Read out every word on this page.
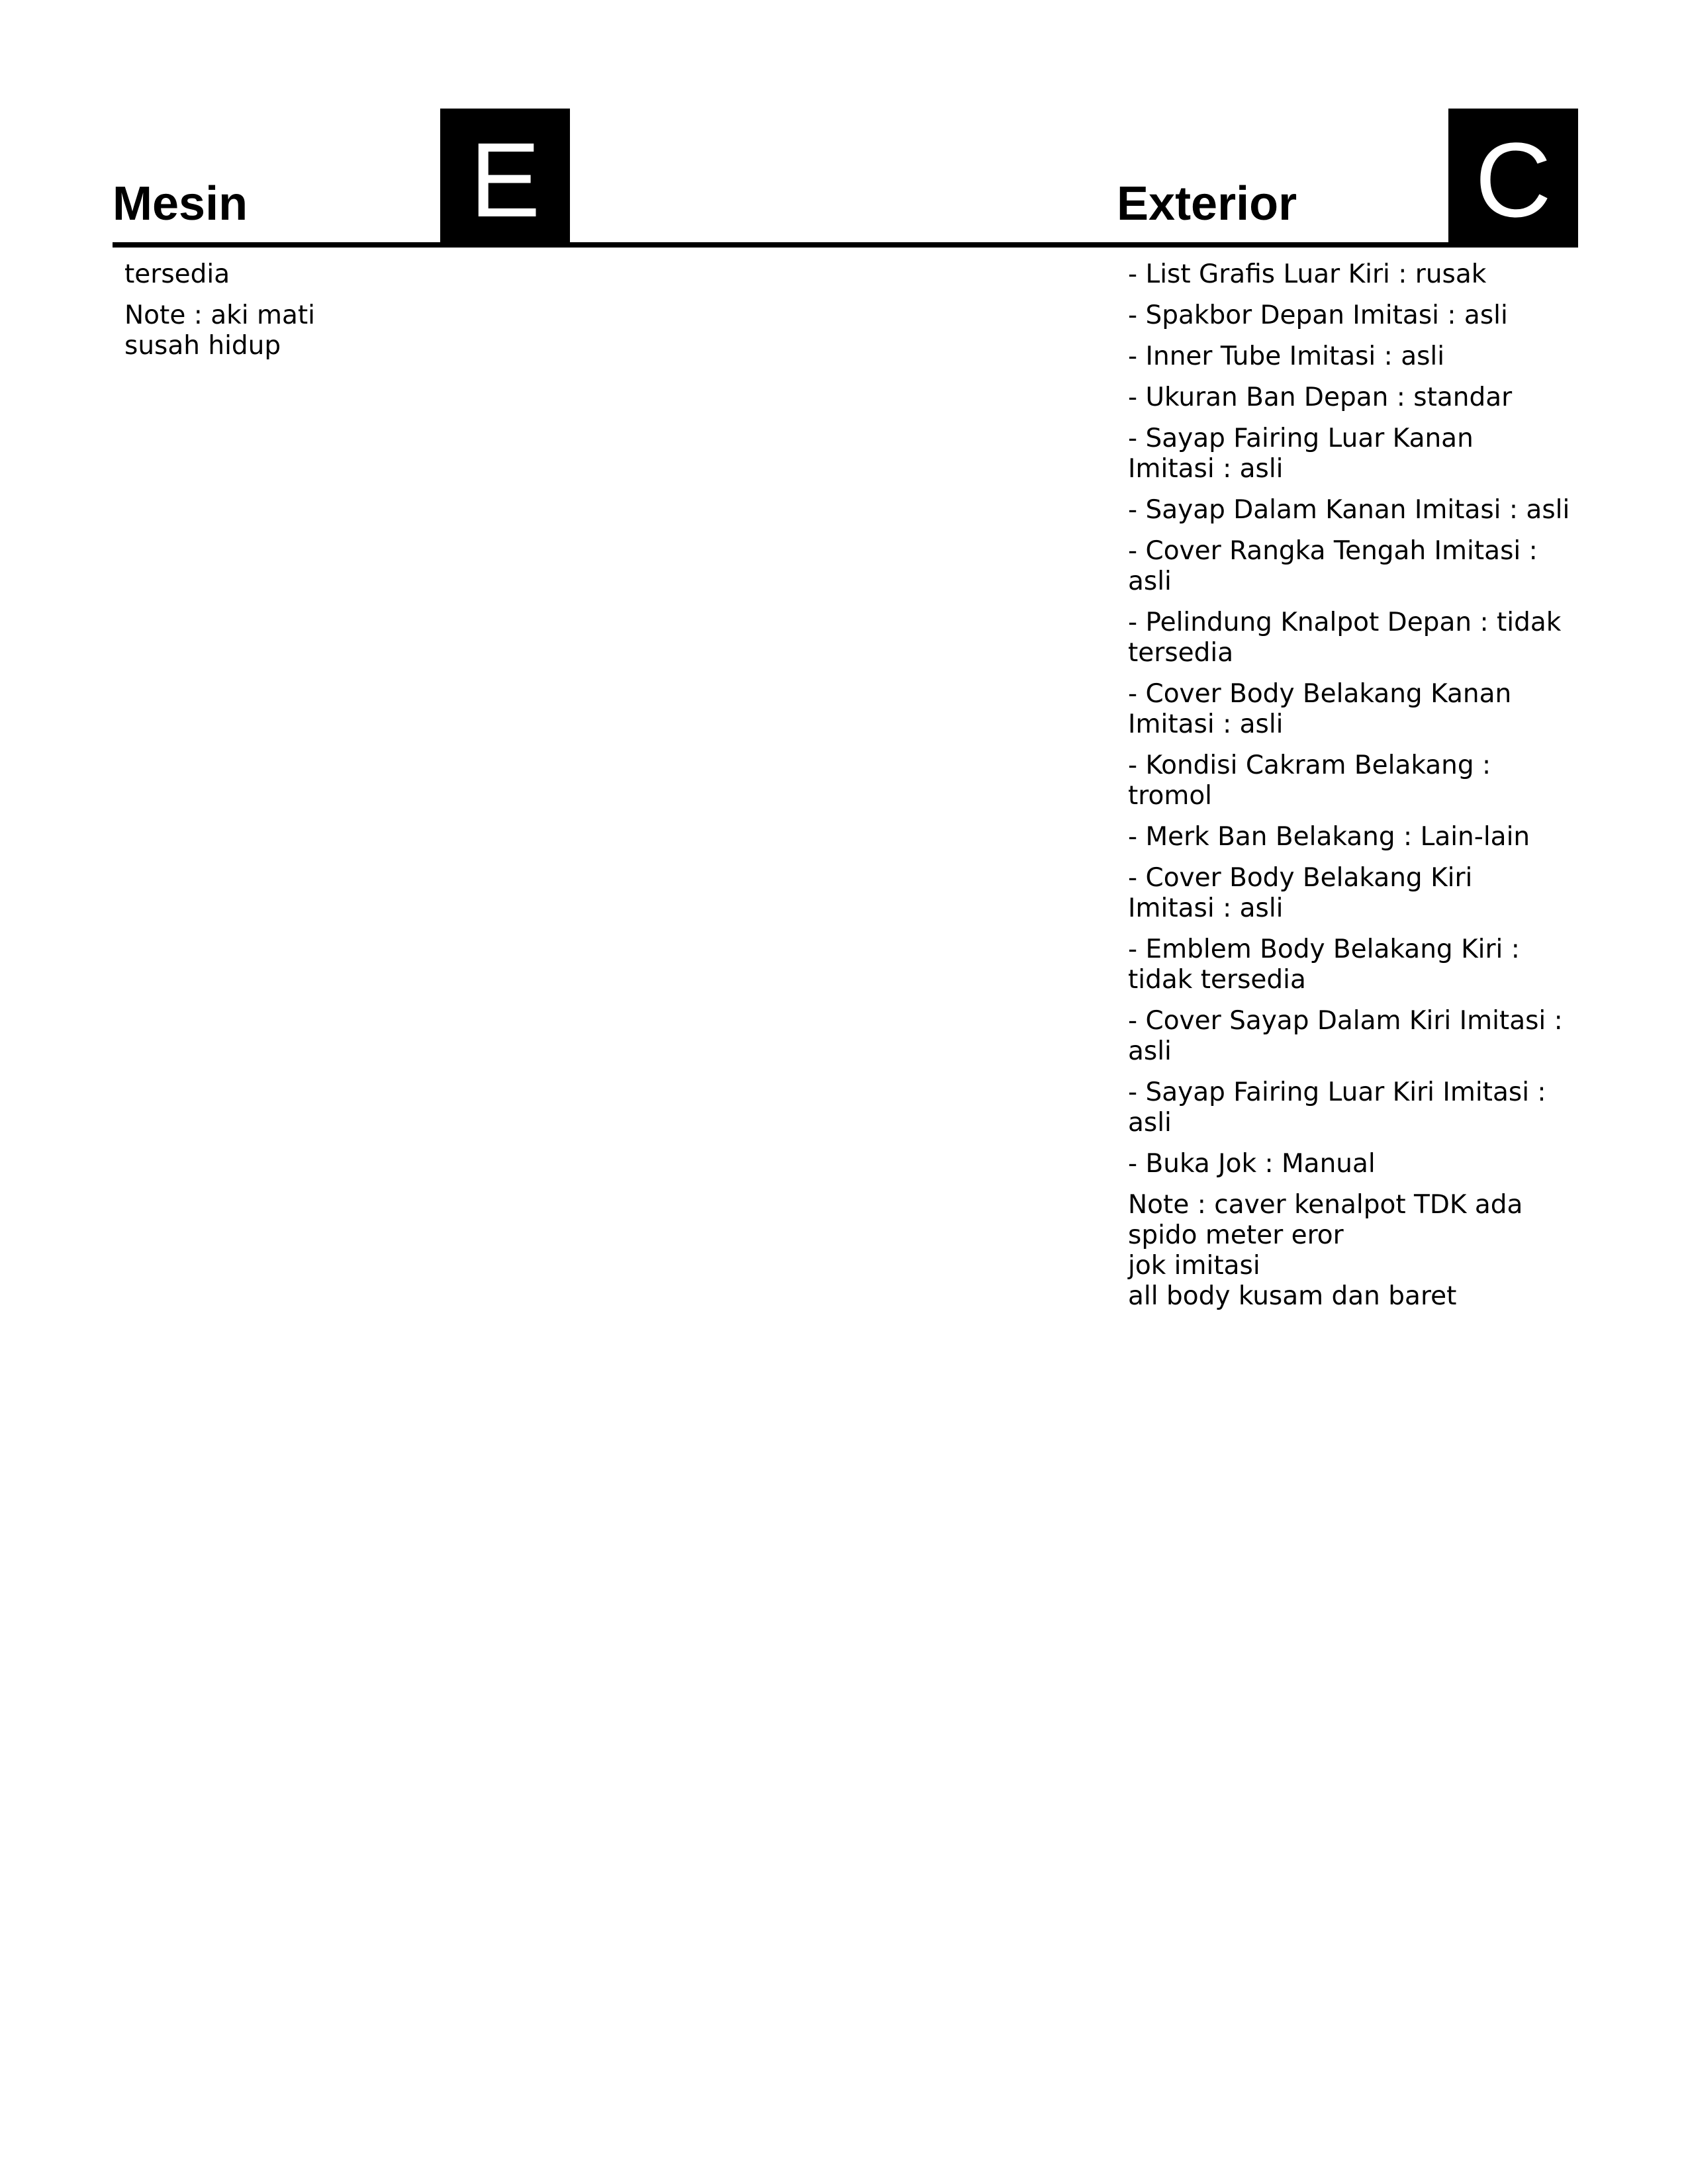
Mesin E	Exterior C

tersedia

Note : aki mati
susah hidup

- List Grafis Luar Kiri : rusak

- Spakbor Depan Imitasi : asli

- Inner Tube Imitasi : asli

- Ukuran Ban Depan : standar

- Sayap Fairing Luar Kanan
Imitasi : asli

- Sayap Dalam Kanan Imitasi : asli

- Cover Rangka Tengah Imitasi :
asli

- Pelindung Knalpot Depan : tidak
tersedia

- Cover Body Belakang Kanan
Imitasi : asli

- Kondisi Cakram Belakang :
tromol

- Merk Ban Belakang : Lain-lain

- Cover Body Belakang Kiri
Imitasi : asli

- Emblem Body Belakang Kiri :
tidak tersedia

- Cover Sayap Dalam Kiri Imitasi :
asli

- Sayap Fairing Luar Kiri Imitasi :
asli

- Buka Jok : Manual

Note : caver kenalpot TDK ada
spido meter eror
jok imitasi
all body kusam dan baret
